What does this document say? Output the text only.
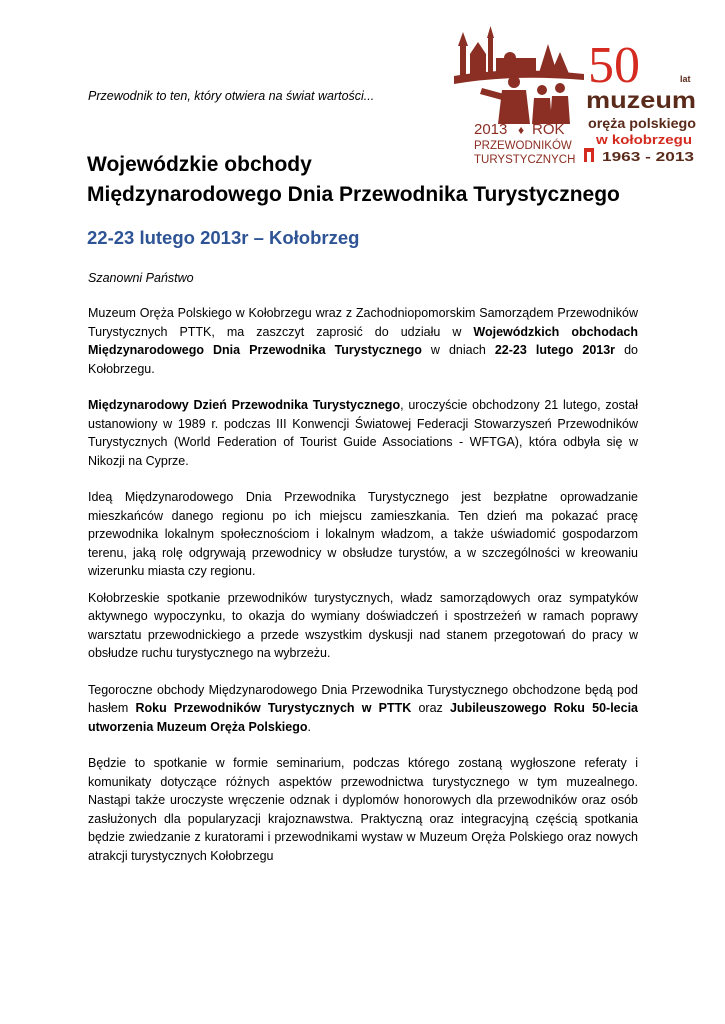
Przewodnik to ten, który otwiera na świat wartości...
2013 ♦ ROK
PRZEWODNIKÓW
TURYSTYCZNYCH
50	lat
muzeum
oręża polskiego
w kołobrzegu
1963 - 2013
Wojewódzkie obchody
Międzynarodowego Dnia Przewodnika Turystycznego
22-23 lutego 2013r – Kołobrzeg
Szanowni Państwo

Muzeum Oręża Polskiego w Kołobrzegu wraz z Zachodniopomorskim Samorządem Przewodników Turystycznych PTTK, ma zaszczyt zaprosić do udziału w Wojewódzkich obchodach Międzynarodowego Dnia Przewodnika Turystycznego w dniach 22-23 lutego 2013r do Kołobrzegu.

Międzynarodowy Dzień Przewodnika Turystycznego, uroczyście obchodzony 21 lutego, został ustanowiony w 1989 r. podczas III Konwencji Światowej Federacji Stowarzyszeń Przewodników Turystycznych (World Federation of Tourist Guide Associations - WFTGA), która odbyła się w Nikozji na Cyprze.

Ideą Międzynarodowego Dnia Przewodnika Turystycznego jest bezpłatne oprowadzanie mieszkańców danego regionu po ich miejscu zamieszkania. Ten dzień ma pokazać pracę przewodnika lokalnym społecznościom i lokalnym władzom, a także uświadomić gospodarzom terenu, jaką rolę odgrywają przewodnicy w obsłudze turystów, a w szczególności w kreowaniu wizerunku miasta czy regionu.

Kołobrzeskie spotkanie przewodników turystycznych, władz samorządowych oraz sympatyków aktywnego wypoczynku, to okazja do wymiany doświadczeń i spostrzeżeń w ramach poprawy warsztatu przewodnickiego a przede wszystkim dyskusji nad stanem przegotowań do pracy w obsłudze ruchu turystycznego na wybrzeżu.

Tegoroczne obchody Międzynarodowego Dnia Przewodnika Turystycznego obchodzone będą pod hasłem Roku Przewodników Turystycznych w PTTK oraz Jubileuszowego Roku 50-lecia utworzenia Muzeum Oręża Polskiego.

Będzie to spotkanie w formie seminarium, podczas którego zostaną wygłoszone referaty i komunikaty dotyczące różnych aspektów przewodnictwa turystycznego w tym muzealnego. Nastąpi także uroczyste wręczenie odznak i dyplomów honorowych dla przewodników oraz osób zasłużonych dla popularyzacji krajoznawstwa. Praktyczną oraz integracyjną częścią spotkania będzie zwiedzanie z kuratorami i przewodnikami wystaw w Muzeum Oręża Polskiego oraz nowych atrakcji turystycznych Kołobrzegu
